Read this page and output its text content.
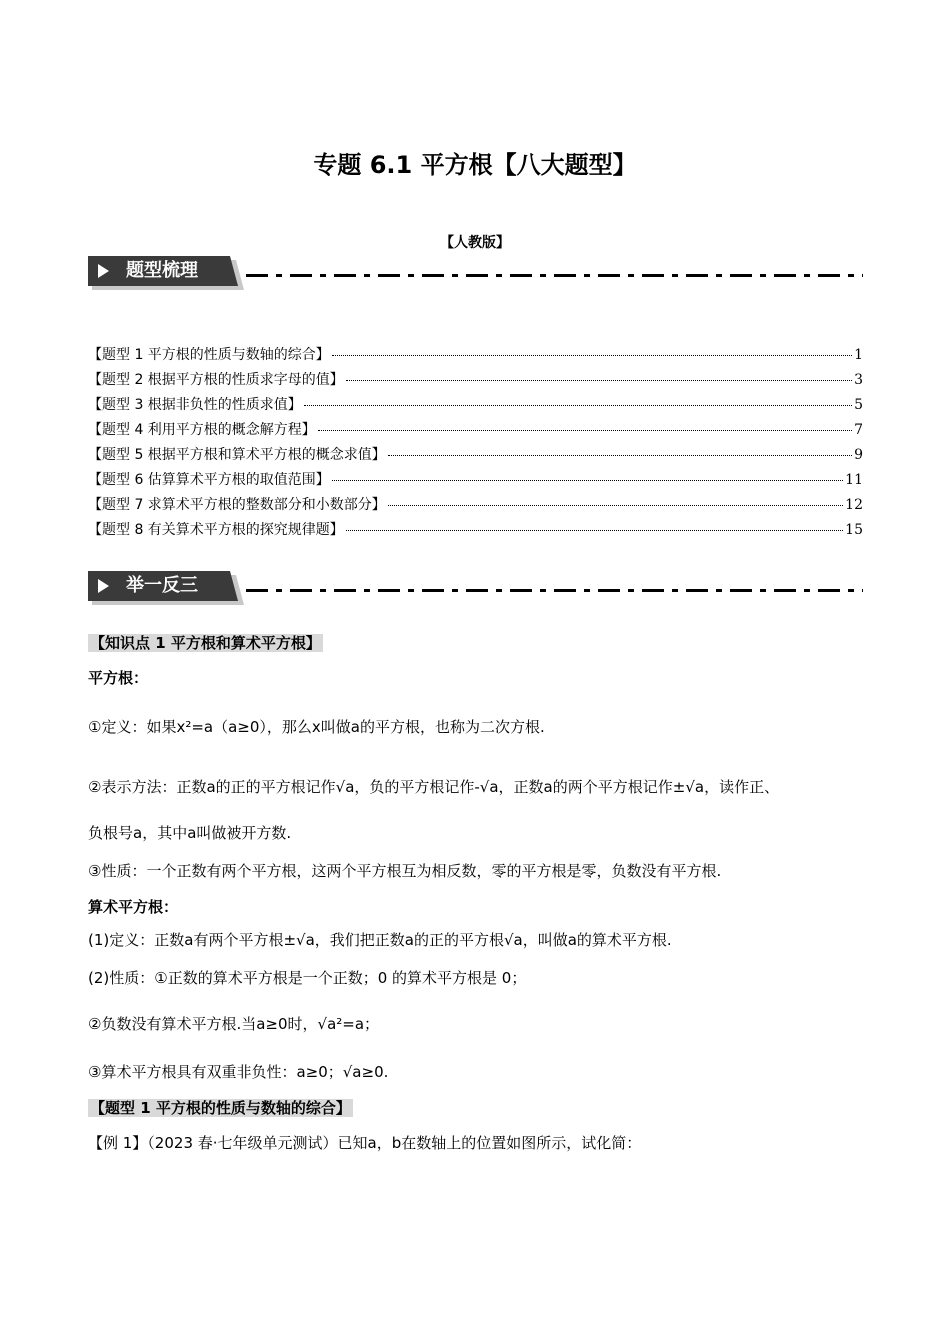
专题 6.1 平方根【八大题型】
【人教版】
题型梳理
【题型 1 平方根的性质与数轴的综合】	1
【题型 2 根据平方根的性质求字母的值】	3
【题型 3 根据非负性的性质求值】	5
【题型 4 利用平方根的概念解方程】	7
【题型 5 根据平方根和算术平方根的概念求值】	9
【题型 6 估算算术平方根的取值范围】	11
【题型 7 求算术平方根的整数部分和小数部分】	12
【题型 8 有关算术平方根的探究规律题】	15
举一反三
【知识点 1 平方根和算术平方根】
平方根：
①定义：如果x²=a（a≥0），那么x叫做a的平方根，也称为二次方根.
②表示方法：正数a的正的平方根记作√a，负的平方根记作-√a，正数a的两个平方根记作±√a，读作正、
负根号a，其中a叫做被开方数.
③性质：一个正数有两个平方根，这两个平方根互为相反数，零的平方根是零，负数没有平方根.
算术平方根：
(1)定义：正数a有两个平方根±√a，我们把正数a的正的平方根√a，叫做a的算术平方根.
(2)性质：①正数的算术平方根是一个正数；0 的算术平方根是 0；
②负数没有算术平方根.当a≥0时，√a²=a；
③算术平方根具有双重非负性：a≥0；√a≥0.
【题型 1 平方根的性质与数轴的综合】
【例 1】（2023 春·七年级单元测试）已知a，b在数轴上的位置如图所示，试化简：
